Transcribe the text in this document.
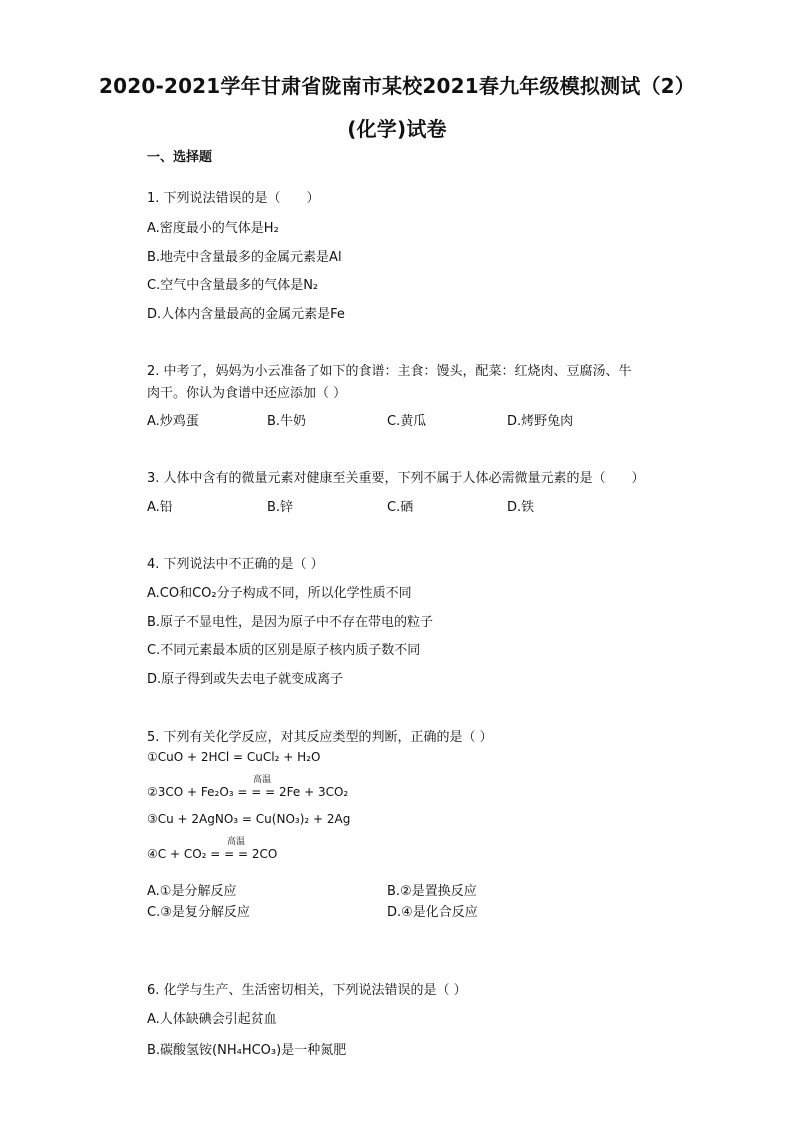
2020-2021学年甘肃省陇南市某校2021春九年级模拟测试（2）
(化学)试卷
一、选择题
1. 下列说法错误的是（　　）
A.密度最小的气体是H₂
B.地壳中含量最多的金属元素是Al
C.空气中含量最多的气体是N₂
D.人体内含量最高的金属元素是Fe
2. 中考了，妈妈为小云准备了如下的食谱：主食：馒头，配菜：红烧肉、豆腐汤、牛
肉干。你认为食谱中还应添加（ ）
A.炒鸡蛋	B.牛奶	C.黄瓜	D.烤野兔肉
3. 人体中含有的微量元素对健康至关重要，下列不属于人体必需微量元素的是（　　）
A.铅	B.锌	C.硒	D.铁
4. 下列说法中不正确的是（ ）
A.CO和CO₂分子构成不同，所以化学性质不同
B.原子不显电性，是因为原子中不存在带电的粒子
C.不同元素最本质的区别是原子核内质子数不同
D.原子得到或失去电子就变成离子
5. 下列有关化学反应，对其反应类型的判断，正确的是（ ）
①CuO + 2HCl = CuCl₂ + H₂O
高温
②3CO + Fe₂O₃ = = = 2Fe + 3CO₂
③Cu + 2AgNO₃ = Cu(NO₃)₂ + 2Ag
高温
④C + CO₂ = = = 2CO
A.①是分解反应	B.②是置换反应
C.③是复分解反应	D.④是化合反应
6. 化学与生产、生活密切相关，下列说法错误的是（ ）
A.人体缺碘会引起贫血
B.碳酸氢铵(NH₄HCO₃)是一种氮肥
